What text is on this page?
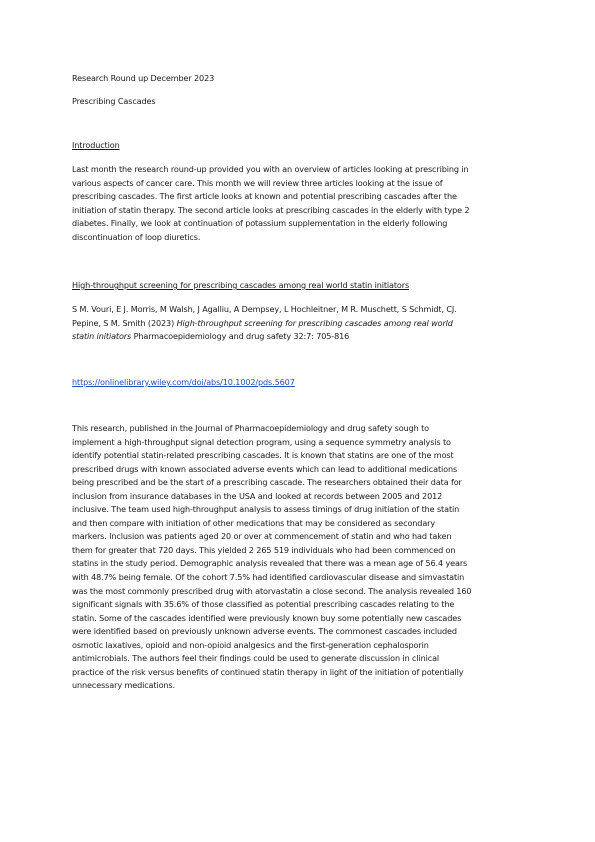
Research Round up December 2023

Prescribing Cascades

Introduction

Last month the research round-up provided you with an overview of articles looking at prescribing in
various aspects of cancer care. This month we will review three articles looking at the issue of
prescribing cascades. The first article looks at known and potential prescribing cascades after the
initiation of statin therapy. The second article looks at prescribing cascades in the elderly with type 2
diabetes. Finally, we look at continuation of potassium supplementation in the elderly following
discontinuation of loop diuretics.

High-throughput screening for prescribing cascades among real world statin initiators

S M. Vouri, E J. Morris, M Walsh, J Agalliu, A Dempsey, L Hochleitner, M R. Muschett, S Schmidt, CJ.
Pepine, S M. Smith (2023) High-throughput screening for prescribing cascades among real world
statin initiators Pharmacoepidemiology and drug safety 32:7: 705-816

https://onlinelibrary.wiley.com/doi/abs/10.1002/pds.5607

This research, published in the Journal of Pharmacoepidemiology and drug safety sough to
implement a high-throughput signal detection program, using a sequence symmetry analysis to
identify potential statin-related prescribing cascades. It is known that statins are one of the most
prescribed drugs with known associated adverse events which can lead to additional medications
being prescribed and be the start of a prescribing cascade. The researchers obtained their data for
inclusion from insurance databases in the USA and looked at records between 2005 and 2012
inclusive. The team used high-throughput analysis to assess timings of drug initiation of the statin
and then compare with initiation of other medications that may be considered as secondary
markers. Inclusion was patients aged 20 or over at commencement of statin and who had taken
them for greater that 720 days. This yielded 2 265 519 individuals who had been commenced on
statins in the study period. Demographic analysis revealed that there was a mean age of 56.4 years
with 48.7% being female. Of the cohort 7.5% had identified cardiovascular disease and simvastatin
was the most commonly prescribed drug with atorvastatin a close second. The analysis revealed 160
significant signals with 35.6% of those classified as potential prescribing cascades relating to the
statin. Some of the cascades identified were previously known buy some potentially new cascades
were identified based on previously unknown adverse events. The commonest cascades included
osmotic laxatives, opioid and non-opioid analgesics and the first-generation cephalosporin
antimicrobials. The authors feel their findings could be used to generate discussion in clinical
practice of the risk versus benefits of continued statin therapy in light of the initiation of potentially
unnecessary medications.
